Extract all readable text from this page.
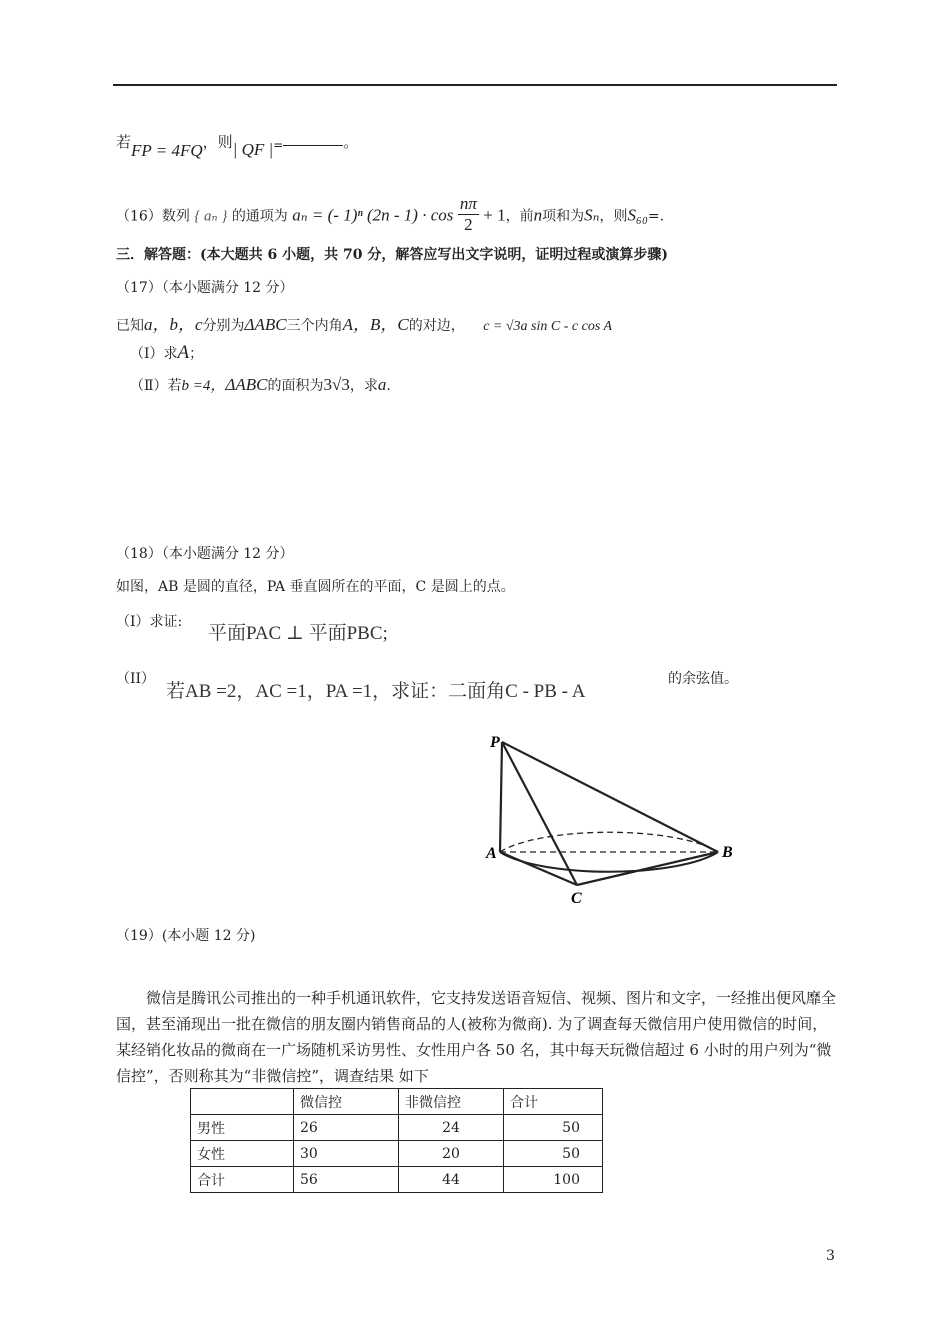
若FP = 4FQ，则| QF |=	。
（16）数列 { aₙ } 的通项为 aₙ = (- 1)ⁿ $(2n - 1) \cdot \cos \frac{n\pi}{2} + 1$，前n项和为Sₙ，则S₆₀=.
三．解答题：(本大题共 6 小题，共 70 分，解答应写出文字说明，证明过程或演算步骤)
（17）（本小题满分 12 分）
已知a，b，c分别为ΔABC三个内角A，B，C的对边， c = √3a sin C - c cos A
（Ⅰ）求A；
（Ⅱ）若b =4，ΔABC的面积为3√3，求a.
（18）（本小题满分 12 分）
如图，AB 是圆的直径，PA 垂直圆所在的平面，C 是圆上的点。
（I）求证:
平面PAC ⊥ 平面PBC;
（II）
若AB =2，AC =1，PA =1，求证：二面角C - PB - A
的余弦值。
P
A	B
C
（19）(本小题 12 分)
微信是腾讯公司推出的一种手机通讯软件，它支持发送语音短信、视频、图片和文字，一经推出便风靡全国，甚至涌现出一批在微信的朋友圈内销售商品的人(被称为微商). 为了调查每天微信用户使用微信的时间，某经销化妆品的微商在一广场随机采访男性、女性用户各 50 名，其中每天玩微信超过 6 小时的用户列为“微信控”，否则称其为“非微信控”，调查结果 如下
	微信控	非微信控	合计
男性	26	24	50
女性	30	20	50
合计	56	44	100
3
